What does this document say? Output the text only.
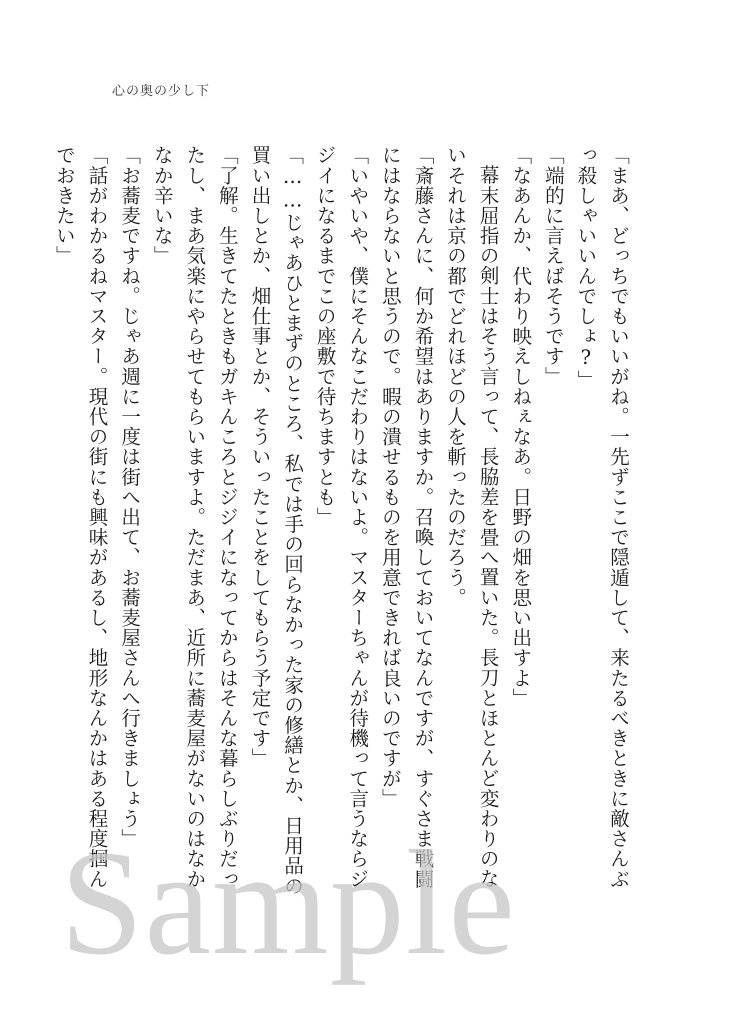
心の奥の少し下

「まあ、どっちでもいいがね。一先ずここで隠遁して、来たるべきときに敵さんぶっ殺しゃいいんでしょ?」

「端的に言えばそうです」

「なあんか、代わり映えしねぇなあ。日野の畑を思い出すよ」

幕末屈指の剣士はそう言って、長脇差を畳へ置いた。長刀とほとんど変わりのないそれは京の都でどれほどの人を斬ったのだろう。

「斎藤さんに、何か希望はありますか。召喚しておいてなんですが、すぐさま戦闘にはならないと思うので。暇の潰せるものを用意できれば良いのですが」

「いやいや、僕にそんなこだわりはないよ。マスターちゃんが待機って言うならジジイになるまでこの座敷で待ちますとも」

「……じゃあひとまずのところ、私では手の回らなかった家の修繕とか、日用品の買い出しとか、畑仕事とか、そういったことをしてもらう予定です」

「了解。生きてたときもガキんころとジジイになってからはそんな暮らしぶりだったし、まあ気楽にやらせてもらいますよ。ただまあ、近所に蕎麦屋がないのはなかなか辛いな」

「お蕎麦ですね。じゃあ週に一度は街へ出て、お蕎麦屋さんへ行きましょう」

「話がわかるねマスター。現代の街にも興味があるし、地形なんかはある程度掴んでおきたい」

Sample
